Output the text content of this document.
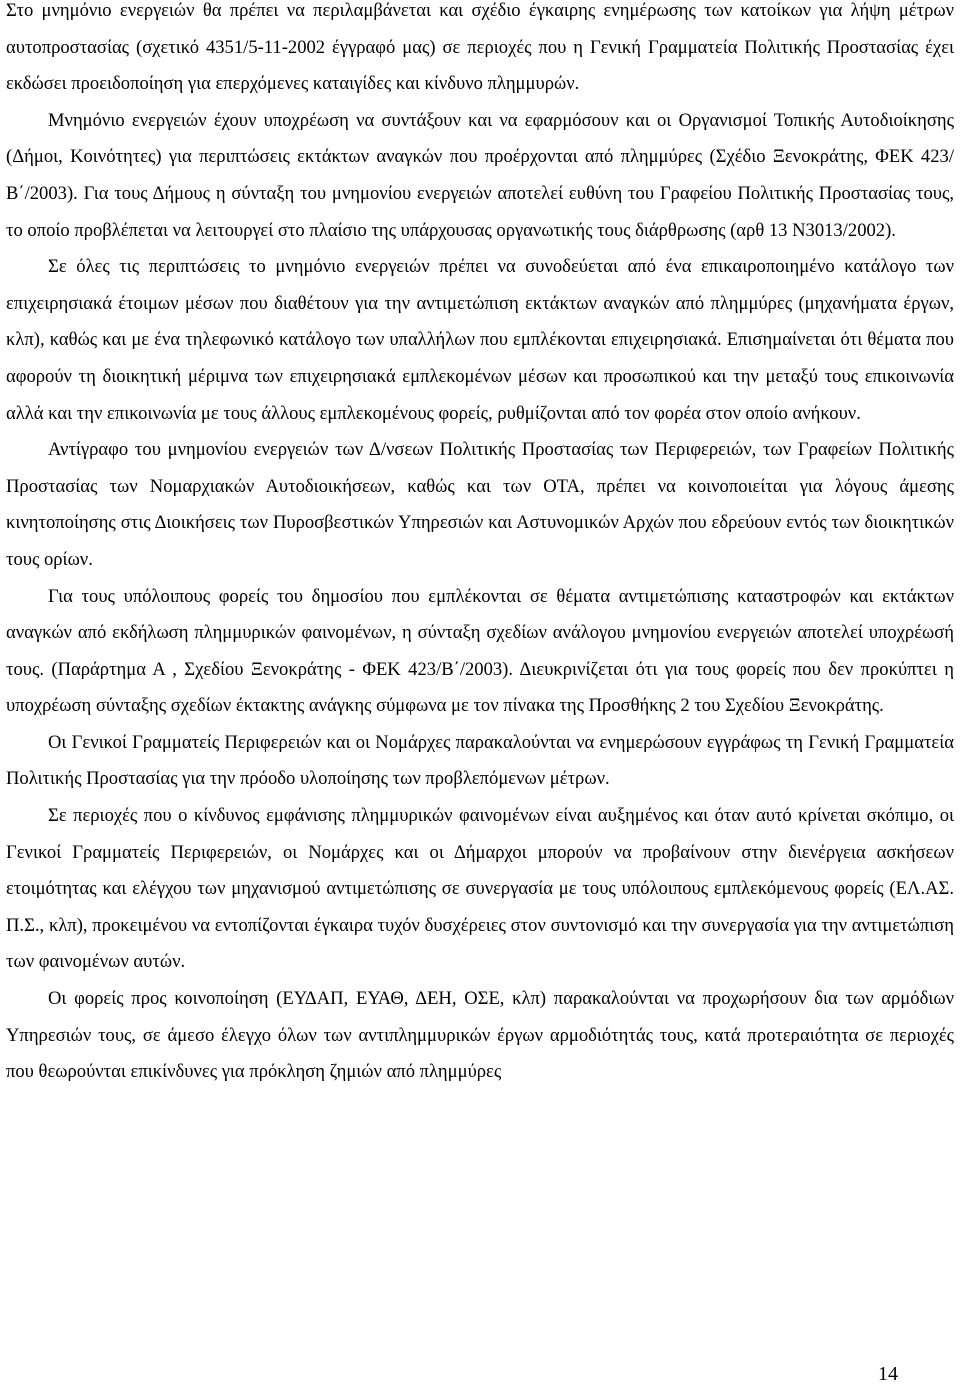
Στο μνημόνιο ενεργειών θα πρέπει να περιλαμβάνεται και σχέδιο έγκαιρης ενημέρωσης των κατοίκων για λήψη μέτρων αυτοπροστασίας (σχετικό 4351/5-11-2002 έγγραφό μας) σε περιοχές που η Γενική Γραμματεία Πολιτικής Προστασίας έχει εκδώσει προειδοποίηση για επερχόμενες καταιγίδες και κίνδυνο πλημμυρών.

Μνημόνιο ενεργειών έχουν υποχρέωση να συντάξουν και να εφαρμόσουν και οι Οργανισμοί Τοπικής Αυτοδιοίκησης (Δήμοι, Κοινότητες) για περιπτώσεις εκτάκτων αναγκών που προέρχονται από πλημμύρες (Σχέδιο Ξενοκράτης, ΦΕΚ 423/Β΄/2003). Για τους Δήμους η σύνταξη του μνημονίου ενεργειών αποτελεί ευθύνη του Γραφείου Πολιτικής Προστασίας τους, το οποίο προβλέπεται να λειτουργεί στο πλαίσιο της υπάρχουσας οργανωτικής τους διάρθρωσης (αρθ 13 Ν3013/2002).

Σε όλες τις περιπτώσεις το μνημόνιο ενεργειών πρέπει να συνοδεύεται από ένα επικαιροποιημένο κατάλογο των επιχειρησιακά έτοιμων μέσων που διαθέτουν για την αντιμετώπιση εκτάκτων αναγκών από πλημμύρες (μηχανήματα έργων, κλπ), καθώς και με ένα τηλεφωνικό κατάλογο των υπαλλήλων που εμπλέκονται επιχειρησιακά. Επισημαίνεται ότι θέματα που αφορούν τη διοικητική μέριμνα των επιχειρησιακά εμπλεκομένων μέσων και προσωπικού και την μεταξύ τους επικοινωνία αλλά και την επικοινωνία με τους άλλους εμπλεκομένους φορείς, ρυθμίζονται από τον φορέα στον οποίο ανήκουν.

Αντίγραφο του μνημονίου ενεργειών των Δ/νσεων Πολιτικής Προστασίας των Περιφερειών, των Γραφείων Πολιτικής Προστασίας των Νομαρχιακών Αυτοδιοικήσεων, καθώς και των ΟΤΑ, πρέπει να κοινοποιείται για λόγους άμεσης κινητοποίησης στις Διοικήσεις των Πυροσβεστικών Υπηρεσιών και Αστυνομικών Αρχών που εδρεύουν εντός των διοικητικών τους ορίων.

Για τους υπόλοιπους φορείς του δημοσίου που εμπλέκονται σε θέματα αντιμετώπισης καταστροφών και εκτάκτων αναγκών από εκδήλωση πλημμυρικών φαινομένων, η σύνταξη σχεδίων ανάλογου μνημονίου ενεργειών αποτελεί υποχρέωσή τους. (Παράρτημα Α , Σχεδίου Ξενοκράτης - ΦΕΚ 423/Β΄/2003). Διευκρινίζεται ότι για τους φορείς που δεν προκύπτει η υποχρέωση σύνταξης σχεδίων έκτακτης ανάγκης σύμφωνα με τον πίνακα της Προσθήκης 2 του Σχεδίου Ξενοκράτης.

Οι Γενικοί Γραμματείς Περιφερειών και οι Νομάρχες παρακαλούνται να ενημερώσουν εγγράφως τη Γενική Γραμματεία Πολιτικής Προστασίας για την πρόοδο υλοποίησης των προβλεπόμενων μέτρων.

Σε περιοχές που ο κίνδυνος εμφάνισης πλημμυρικών φαινομένων είναι αυξημένος και όταν αυτό κρίνεται σκόπιμο, οι Γενικοί Γραμματείς Περιφερειών, οι Νομάρχες και οι Δήμαρχοι μπορούν να προβαίνουν στην διενέργεια ασκήσεων ετοιμότητας και ελέγχου των μηχανισμού αντιμετώπισης σε συνεργασία με τους υπόλοιπους εμπλεκόμενους φορείς (ΕΛ.ΑΣ. Π.Σ., κλπ), προκειμένου να εντοπίζονται έγκαιρα τυχόν δυσχέρειες στον συντονισμό και την συνεργασία για την αντιμετώπιση των φαινομένων αυτών.

Οι φορείς προς κοινοποίηση (ΕΥΔΑΠ, ΕΥΑΘ, ΔΕΗ, ΟΣΕ, κλπ) παρακαλούνται να προχωρήσουν δια των αρμόδιων Υπηρεσιών τους, σε άμεσο έλεγχο όλων των αντιπλημμυρικών έργων αρμοδιότητάς τους, κατά προτεραιότητα σε περιοχές που θεωρούνται επικίνδυνες για πρόκληση ζημιών από πλημμύρες

14
